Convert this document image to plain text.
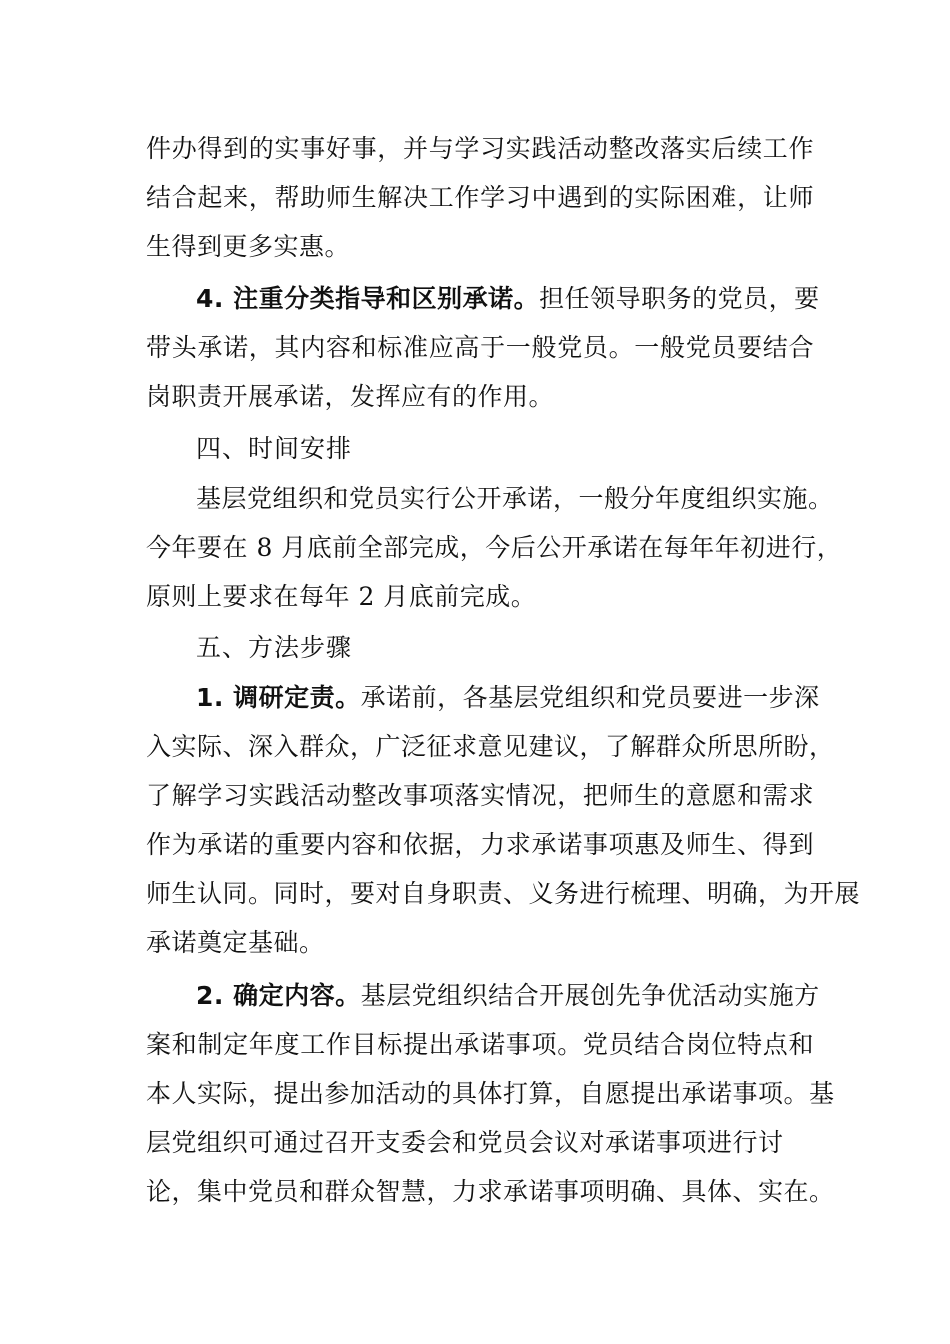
件办得到的实事好事，并与学习实践活动整改落实后续工作
结合起来，帮助师生解决工作学习中遇到的实际困难，让师
生得到更多实惠。
4. 注重分类指导和区别承诺。担任领导职务的党员，要
带头承诺，其内容和标准应高于一般党员。一般党员要结合
岗职责开展承诺，发挥应有的作用。
四、时间安排
基层党组织和党员实行公开承诺，一般分年度组织实施。
今年要在 8 月底前全部完成，今后公开承诺在每年年初进行，
原则上要求在每年 2 月底前完成。
五、方法步骤
1. 调研定责。承诺前，各基层党组织和党员要进一步深
入实际、深入群众，广泛征求意见建议，了解群众所思所盼，
了解学习实践活动整改事项落实情况，把师生的意愿和需求
作为承诺的重要内容和依据，力求承诺事项惠及师生、得到
师生认同。同时，要对自身职责、义务进行梳理、明确，为开展
承诺奠定基础。
2. 确定内容。基层党组织结合开展创先争优活动实施方
案和制定年度工作目标提出承诺事项。党员结合岗位特点和
本人实际，提出参加活动的具体打算，自愿提出承诺事项。基
层党组织可通过召开支委会和党员会议对承诺事项进行讨
论，集中党员和群众智慧，力求承诺事项明确、具体、实在。
